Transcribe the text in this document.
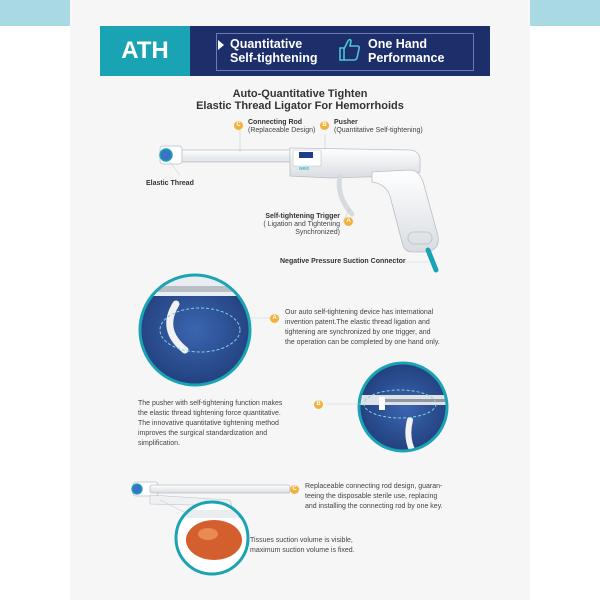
ATH	Quantitative
Self-tightening
One Hand
Performance
Auto-Quantitative Tighten
Elastic Thread Ligator For Hemorrhoids
weio
C	Connecting Rod
(Replaceable Design)
B	Pusher
(Quantitative Self-tightening)
Elastic Thread
Self-tightening Trigger
( Ligation and Tightening Synchronized)
A
Negative Pressure Suction Connector
A
Our auto self-tightening device has international
invention patent.The elastic thread ligation and
tightening are synchronized by one trigger, and
the operation can be completed by one hand only.
The pusher with self-tightening function makes
the elastic thread tightening force quantitative.
The innovative quantitative tightening method
improves the surgical standardization and
simplification.
B
C	Replaceable connecting rod design, guaran-
teeing the disposable sterile use, replacing
and installing the connecting rod by one key.
Tissues suction volume is visible,
maximum suction volume is fixed.
